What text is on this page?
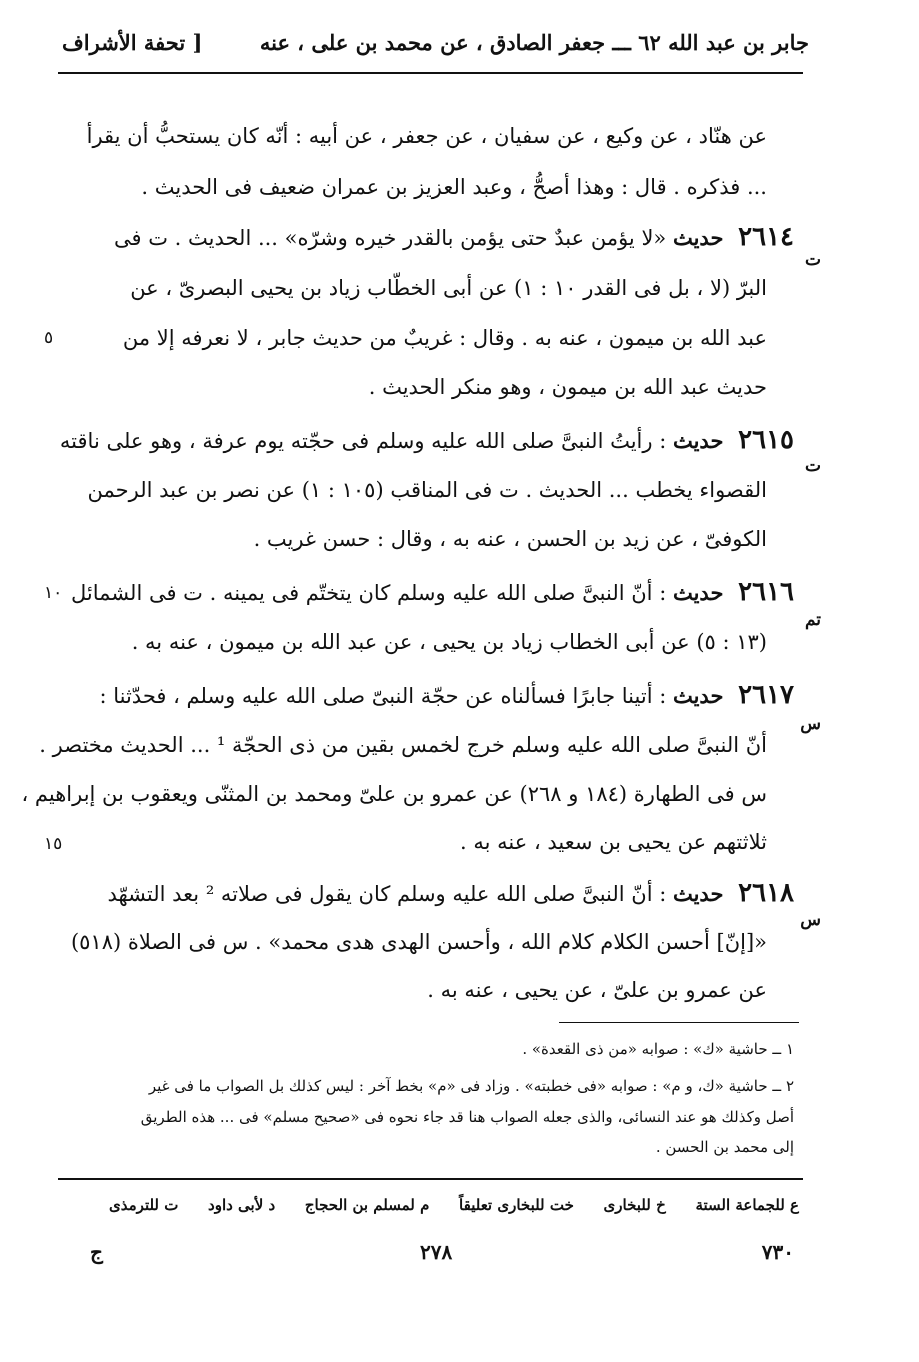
جابر بن عبد الله ٦٢ ـــ جعفر الصادق ، عن محمد بن على ، عنه
[ تحفة الأشراف
عن هنّاد ، عن وكيع ، عن سفيان ، عن جعفر ، عن أبيه : أنّه كان يستحبُّ أن يقرأ
... فذكره . قال : وهذا أصحُّ ، وعبد العزيز بن عمران ضعيف فى الحديث .
٢٦١٤ حديث «لا يؤمن عبدٌ حتى يؤمن بالقدر خيره وشرّه» ... الحديث . ت فى
ت
البرّ (لا ، بل فى القدر ١٠ : ١) عن أبى الخطّاب زياد بن يحيى البصرىّ ، عن
عبد الله بن ميمون ، عنه به . وقال : غريبٌ من حديث جابر ، لا نعرفه إلا من
٥
حديث عبد الله بن ميمون ، وهو منكر الحديث .
٢٦١٥ حديث : رأيتُ النبىَّ صلى الله عليه وسلم فى حجّته يوم عرفة ، وهو على ناقته
ت
القصواء يخطب ... الحديث . ت فى المناقب (١٠٥ : ١) عن نصر بن عبد الرحمن
الكوفىّ ، عن زيد بن الحسن ، عنه به ، وقال : حسن غريب .
٢٦١٦ حديث : أنّ النبىَّ صلى الله عليه وسلم كان يتختّم فى يمينه . ت فى الشمائل
١٠
تم
(١٣ : ٥) عن أبى الخطاب زياد بن يحيى ، عن عبد الله بن ميمون ، عنه به .
٢٦١٧ حديث : أتينا جابرًا فسألناه عن حجّة النبىّ صلى الله عليه وسلم ، فحدّثنا :
س
أنّ النبىَّ صلى الله عليه وسلم خرج لخمس بقين من ذى الحجّة ¹ ... الحديث مختصر .
س فى الطهارة (١٨٤ و ٢٦٨) عن عمرو بن علىّ ومحمد بن المثنّى ويعقوب بن إبراهيم ،
ثلاثتهم عن يحيى بن سعيد ، عنه به .
١٥
٢٦١٨ حديث : أنّ النبىَّ صلى الله عليه وسلم كان يقول فى صلاته ² بعد التشهّد
س
«[إنّ] أحسن الكلام كلام الله ، وأحسن الهدى هدى محمد» . س فى الصلاة (٥١٨)
عن عمرو بن علىّ ، عن يحيى ، عنه به .
١ ــ حاشية «ك» : صوابه «من ذى القعدة» .
٢ ــ حاشية «ك، و م» : صوابه «فى خطبته» . وزاد فى «م» بخط آخر : ليس كذلك بل الصواب ما فى غير
أصل وكذلك هو عند النسائى، والذى جعله الصواب هنا قد جاء نحوه فى «صحيح مسلم» فى ... هذه الطريق
إلى محمد بن الحسن .
ع للجماعة الستة
خ للبخارى
خت للبخارى تعليقاً
م لمسلم بن الحجاج
د لأبى داود
ت للترمذى
٧٣٠
٢٧٨
ج
